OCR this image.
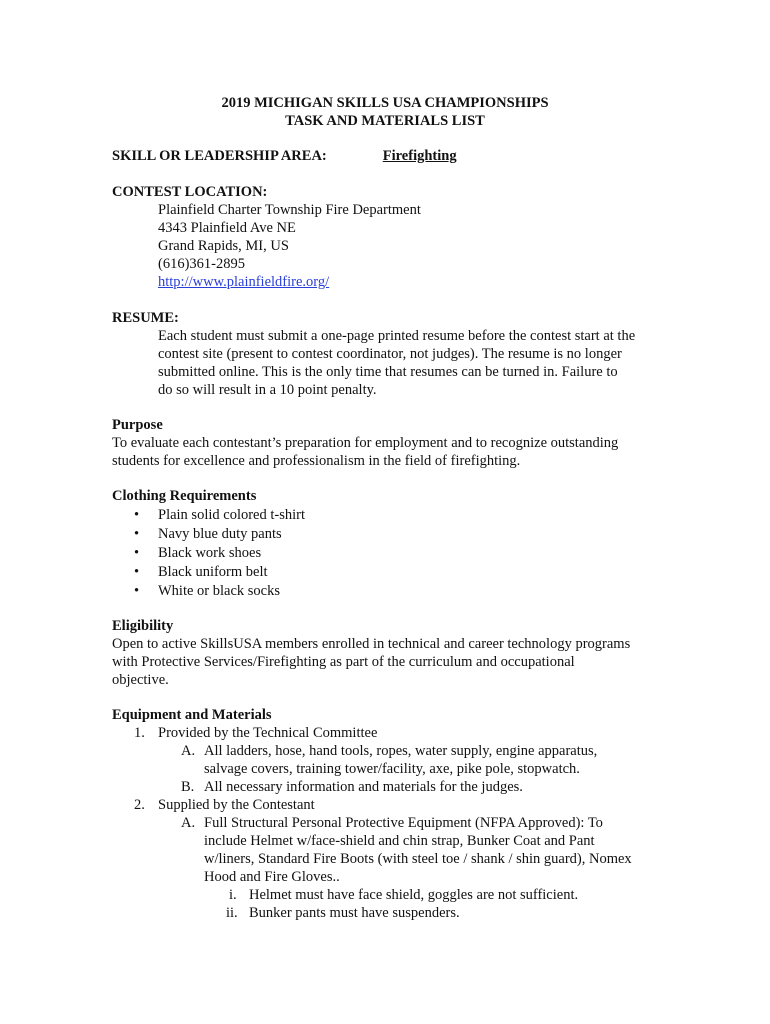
2019 MICHIGAN SKILLS USA CHAMPIONSHIPS
TASK AND MATERIALS LIST
SKILL OR LEADERSHIP AREA:	Firefighting
CONTEST LOCATION:
Plainfield Charter Township Fire Department
4343 Plainfield Ave NE
Grand Rapids, MI, US
(616)361-2895
http://www.plainfieldfire.org/
RESUME:
Each student must submit a one-page printed resume before the contest start at the
contest site (present to contest coordinator, not judges). The resume is no longer
submitted online. This is the only time that resumes can be turned in. Failure to
do so will result in a 10 point penalty.
Purpose
To evaluate each contestant’s preparation for employment and to recognize outstanding
students for excellence and professionalism in the field of firefighting.
Clothing Requirements
• Plain solid colored t-shirt
• Navy blue duty pants
• Black work shoes
• Black uniform belt
• White or black socks
Eligibility
Open to active SkillsUSA members enrolled in technical and career technology programs
with Protective Services/Firefighting as part of the curriculum and occupational
objective.
Equipment and Materials
1. Provided by the Technical Committee
A. All ladders, hose, hand tools, ropes, water supply, engine apparatus,
salvage covers, training tower/facility, axe, pike pole, stopwatch.
B. All necessary information and materials for the judges.
2. Supplied by the Contestant
A. Full Structural Personal Protective Equipment (NFPA Approved): To
include Helmet w/face-shield and chin strap, Bunker Coat and Pant
w/liners, Standard Fire Boots (with steel toe / shank / shin guard), Nomex
Hood and Fire Gloves..
i. Helmet must have face shield, goggles are not sufficient.
ii. Bunker pants must have suspenders.
